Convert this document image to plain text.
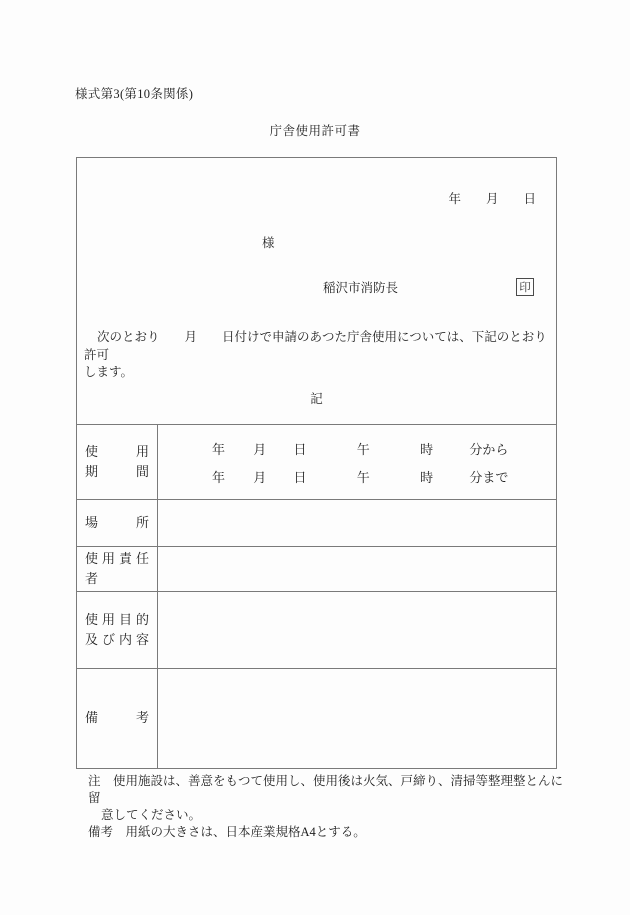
様式第3(第10条関係)
庁舎使用許可書
年　　月　　日
様
稲沢市消防長	印
次のとおり　　月　　日付けで申請のあつた庁舎使用については、下記のとおり許可
します。
記
使用
期間
年 月 日	午	時	分から
年 月 日	午	時	分まで
場所
使用責任者
使用目的
及び内容
備考
注　使用施設は、善意をもつて使用し、使用後は火気、戸締り、清掃等整理整とんに留
意してください。
備考　用紙の大きさは、日本産業規格A4とする。
